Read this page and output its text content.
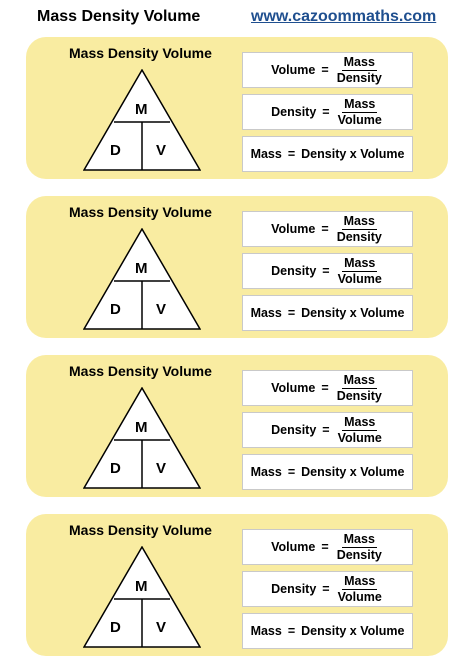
Mass Density Volume	www.cazoommaths.com
Mass Density Volume
M
D V
Volume = $\frac{\text{Mass}}{\text{Density}}$
Density = $\frac{\text{Mass}}{\text{Volume}}$
Mass = Density x Volume
Mass Density Volume
M
D V
Volume = $\frac{\text{Mass}}{\text{Density}}$
Density = $\frac{\text{Mass}}{\text{Volume}}$
Mass = Density x Volume
Mass Density Volume
M
D V
Volume = $\frac{\text{Mass}}{\text{Density}}$
Density = $\frac{\text{Mass}}{\text{Volume}}$
Mass = Density x Volume
Mass Density Volume
M
D V
Volume = $\frac{\text{Mass}}{\text{Density}}$
Density = $\frac{\text{Mass}}{\text{Volume}}$
Mass = Density x Volume
